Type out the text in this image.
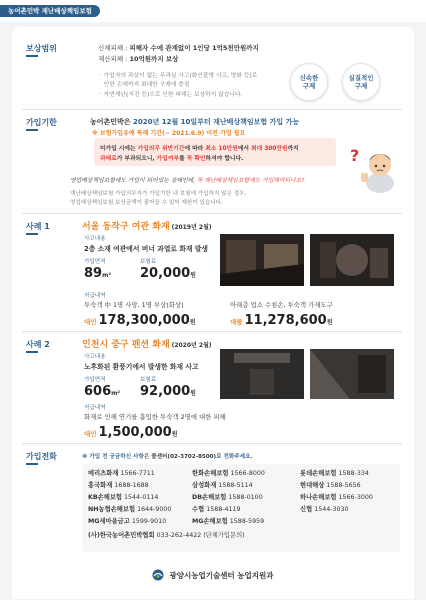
농어촌민박 재난배상책임보험
보상범위	신체피해 : 피해자 수에 관계없이 1인당 1억5천만원까지
재산피해 : 10억원까지 보상
· 가입자의 과실이 없는 무과실 사고(화인불명 사고, 방화 등)로
인한 손해까지 최대한 구제에 중점
· 자연재난(지진 등)으로 인한 피해는 보상하지 않습니다.
신속한
구제
실질적인
구제
가입기한	농어촌민박은 2020년 12월 10일부터 재난배상책임보험 가입 가능
※ 보험가입유예 특례 기간(~ 2021.6.9) 이전 가입 필요
미가입 시에는 가입의무 위반기간에 따라 최소 10만원에서 최대 300만원까지
과태료가 부과되오니, 가입여부를 꼭 확인하셔야 합니다.
영업배상책임보험에도 가입이 되어있는 상태인데, 꼭 재난배상책임보험에도 가입해야되나요?
재난배상책임보험 가입의무자가 가입기한 내 보험에 가입하지 않은 경우,
영업배상책임보험 보상금액이 줄어들 수 있어 제한이 있습니다.
?
사례 1	서울 동작구 여관 화재 (2019년 2월)
사고내용
2층 소재 여관에서 버너 과열로 화재 발생
가입면적
89m²
보험료
20,000원
지급내역
투숙객 中 1명 사망, 1명 부상(화상)	아래층 업소 수침손, 투숙객 가재도구
대인 178,300,000원	대물 11,278,600원
사례 2	인천시 중구 펜션 화재 (2020년 2월)
사고내용
노후화된 환풍기에서 발생한 화재 사고
가입면적
606m²
보험료
92,000원
지급내역
화재로 인해 연기를 흡입한 투숙객 2명에 대한 피해
대인 1,500,000원
가입전화	※ 가입 전 궁금하신 사항은 콜센터(02-3702-8500)로 전화주세요.
메리츠화재 1566-7711	한화손해보험 1566-8000	롯데손해보험 1588-334
흥국화재 1688-1688	삼성화재 1588-5114	현대해상 1588-5656
KB손해보험 1544-0114	DB손해보험 1588-0100	하나손해보험 1566-3000
NH농협손해보험 1644-9000	수협 1588-4119	신협 1544-3030
MG새마을금고 1599-9010	MG손해보험 1588-5959
(사)한국농어촌민박협회 033-262-4422 (단체가입문의)
광양시농업기술센터 농업지원과
